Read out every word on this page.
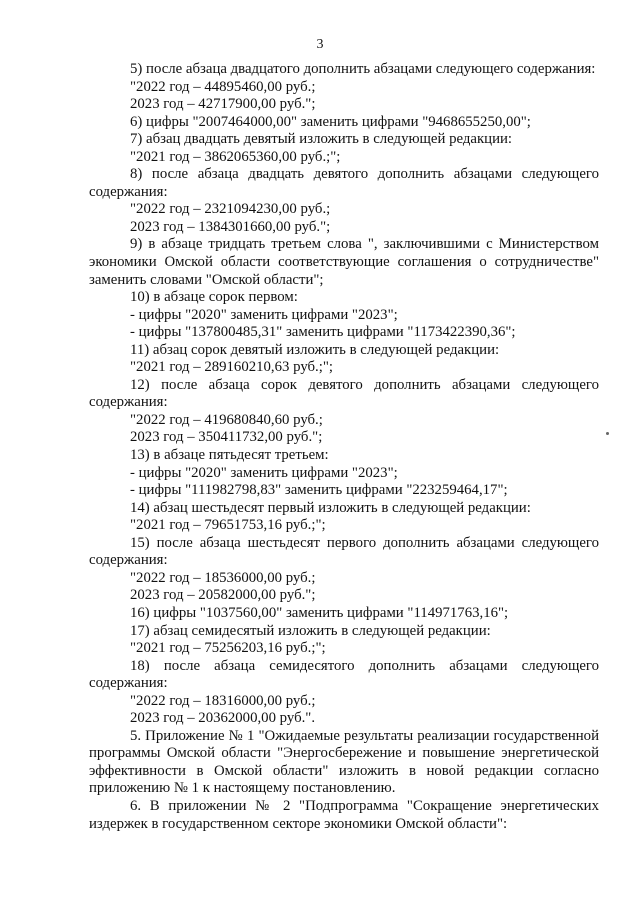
3

5) после абзаца двадцатого дополнить абзацами следующего содержания:

"2022 год – 44895460,00 руб.;

2023 год – 42717900,00 руб.";

6) цифры "2007464000,00" заменить цифрами "9468655250,00";

7) абзац двадцать девятый изложить в следующей редакции:

"2021 год – 3862065360,00 руб.;";

8) после абзаца двадцать девятого дополнить абзацами следующего содержания:

"2022 год – 2321094230,00 руб.;

2023 год – 1384301660,00 руб.";

9) в абзаце тридцать третьем слова ", заключившими с Министерством экономики Омской области соответствующие соглашения о сотрудничестве" заменить словами "Омской области";

10) в абзаце сорок первом:

- цифры "2020" заменить цифрами "2023";

- цифры "137800485,31" заменить цифрами "1173422390,36";

11) абзац сорок девятый изложить в следующей редакции:

"2021 год – 289160210,63 руб.;";

12) после абзаца сорок девятого дополнить абзацами следующего содержания:

"2022 год – 419680840,60 руб.;

2023 год – 350411732,00 руб.";

13) в абзаце пятьдесят третьем:

- цифры "2020" заменить цифрами "2023";

- цифры "111982798,83" заменить цифрами "223259464,17";

14) абзац шестьдесят первый изложить в следующей редакции:

"2021 год – 79651753,16 руб.;";

15) после абзаца шестьдесят первого дополнить абзацами следующего содержания:

"2022 год – 18536000,00 руб.;

2023 год – 20582000,00 руб.";

16) цифры "1037560,00" заменить цифрами "114971763,16";

17) абзац семидесятый изложить в следующей редакции:

"2021 год – 75256203,16 руб.;";

18) после абзаца семидесятого дополнить абзацами следующего содержания:

"2022 год – 18316000,00 руб.;

2023 год – 20362000,00 руб.".

5. Приложение № 1 "Ожидаемые результаты реализации государственной программы Омской области "Энергосбережение и повышение энергетической эффективности в Омской области" изложить в новой редакции согласно приложению № 1 к настоящему постановлению.

6. В приложении № 2 "Подпрограмма "Сокращение энергетических издержек в государственном секторе экономики Омской области":
